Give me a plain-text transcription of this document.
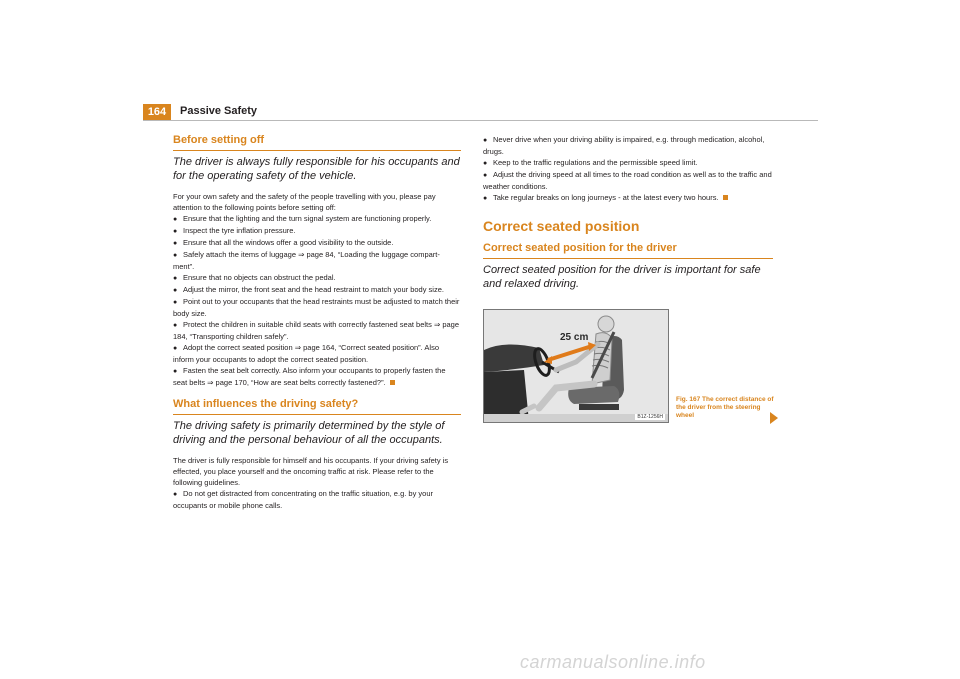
164	Passive Safety
Before setting off
The driver is always fully responsible for his occupants and for the operating safety of the vehicle.

For your own safety and the safety of the people travelling with you, please pay attention to the following points before setting off:

● Ensure that the lighting and the turn signal system are functioning properly.

● Inspect the tyre inflation pressure.

● Ensure that all the windows offer a good visibility to the outside.

● Safely attach the items of luggage ⇒ page 84, “Loading the luggage compart-ment”.

● Ensure that no objects can obstruct the pedal.

● Adjust the mirror, the front seat and the head restraint to match your body size.

● Point out to your occupants that the head restraints must be adjusted to match their body size.

● Protect the children in suitable child seats with correctly fastened seat belts ⇒ page 184, “Transporting children safely”.

● Adopt the correct seated position ⇒ page 164, “Correct seated position”. Also inform your occupants to adopt the correct seated position.

● Fasten the seat belt correctly. Also inform your occupants to properly fasten the seat belts ⇒ page 170, “How are seat belts correctly fastened?”.

What influences the driving safety?
The driving safety is primarily determined by the style of driving and the personal behaviour of all the occupants.

The driver is fully responsible for himself and his occupants. If your driving safety is effected, you place yourself and the oncoming traffic at risk. Please refer to the following guidelines.

● Do not get distracted from concentrating on the traffic situation, e.g. by your occupants or mobile phone calls.

● Never drive when your driving ability is impaired, e.g. through medication, alcohol, drugs.

● Keep to the traffic regulations and the permissible speed limit.

● Adjust the driving speed at all times to the road condition as well as to the traffic and weather conditions.

● Take regular breaks on long journeys - at the latest every two hours.

Correct seated position
Correct seated position for the driver
Correct seated position for the driver is important for safe and relaxed driving.
25 cm
B1Z-1256H
Fig. 167 The correct distance of the driver from the steering wheel
carmanualsonline.info
